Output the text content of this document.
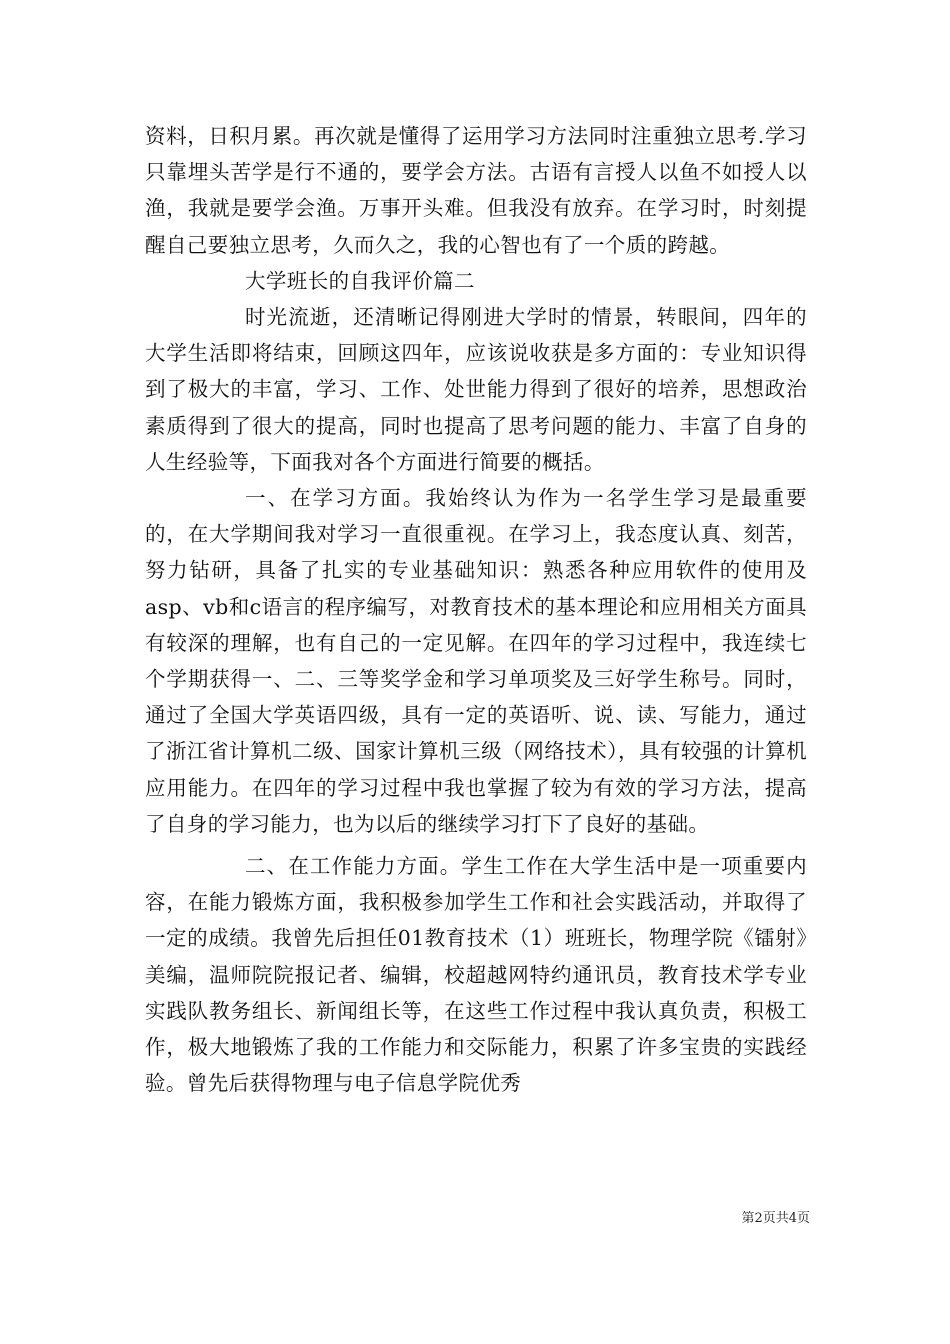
资料，日积月累。再次就是懂得了运用学习方法同时注重独立思考.学习只靠埋头苦学是行不通的，要学会方法。古语有言授人以鱼不如授人以渔，我就是要学会渔。万事开头难。但我没有放弃。在学习时，时刻提醒自己要独立思考，久而久之，我的心智也有了一个质的跨越。

大学班长的自我评价篇二

时光流逝，还清晰记得刚进大学时的情景，转眼间，四年的大学生活即将结束，回顾这四年，应该说收获是多方面的：专业知识得到了极大的丰富，学习、工作、处世能力得到了很好的培养，思想政治素质得到了很大的提高，同时也提高了思考问题的能力、丰富了自身的人生经验等，下面我对各个方面进行简要的概括。

一、在学习方面。我始终认为作为一名学生学习是最重要的，在大学期间我对学习一直很重视。在学习上，我态度认真、刻苦，努力钻研，具备了扎实的专业基础知识：熟悉各种应用软件的使用及asp、vb和c语言的程序编写，对教育技术的基本理论和应用相关方面具有较深的理解，也有自己的一定见解。在四年的学习过程中，我连续七个学期获得一、二、三等奖学金和学习单项奖及三好学生称号。同时，通过了全国大学英语四级，具有一定的英语听、说、读、写能力，通过了浙江省计算机二级、国家计算机三级（网络技术），具有较强的计算机应用能力。在四年的学习过程中我也掌握了较为有效的学习方法，提高了自身的学习能力，也为以后的继续学习打下了良好的基础。

二、在工作能力方面。学生工作在大学生活中是一项重要内容，在能力锻炼方面，我积极参加学生工作和社会实践活动，并取得了一定的成绩。我曾先后担任01教育技术（1）班班长，物理学院《镭射》美编，温师院院报记者、编辑，校超越网特约通讯员，教育技术学专业实践队教务组长、新闻组长等，在这些工作过程中我认真负责，积极工作，极大地锻炼了我的工作能力和交际能力，积累了许多宝贵的实践经验。曾先后获得物理与电子信息学院优秀

第2页共4页
